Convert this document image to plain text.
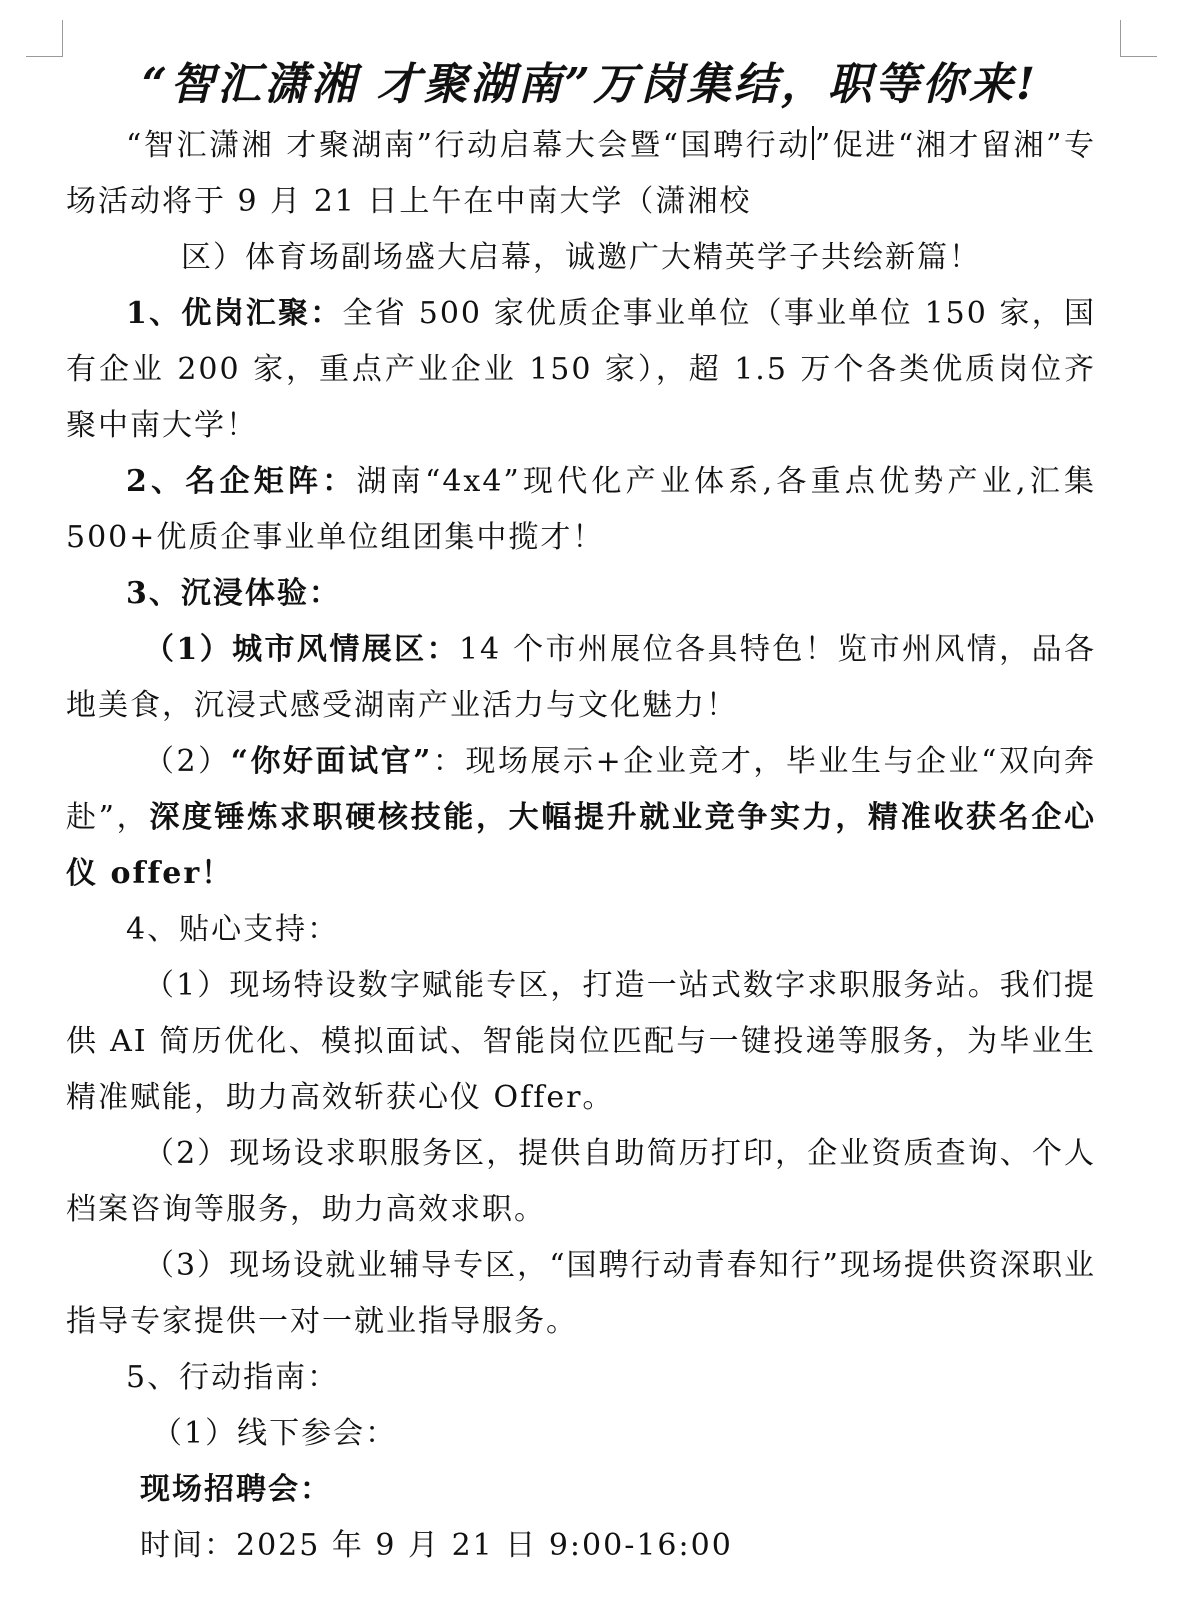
“智汇潇湘 才聚湖南”万岗集结，职等你来!

“智汇潇湘 才聚湖南”行动启幕大会暨“国聘行动 ”促进“湘才留湘”专场活动将于 9 月 21 日上午在中南大学（潇湘校

区）体育场副场盛大启幕，诚邀广大精英学子共绘新篇！

1、优岗汇聚：全省 500 家优质企事业单位（事业单位 150 家，国有企业 200 家，重点产业企业 150 家），超 1.5 万个各类优质岗位齐聚中南大学！

2、名企矩阵：湖南“4x4”现代化产业体系,各重点优势产业,汇集 500+优质企事业单位组团集中揽才！

3、沉浸体验：

（1）城市风情展区：14 个市州展位各具特色！览市州风情，品各地美食，沉浸式感受湖南产业活力与文化魅力！

（2）“你好面试官”：现场展示+企业竞才，毕业生与企业“双向奔赴”，深度锤炼求职硬核技能，大幅提升就业竞争实力，精准收获名企心仪 offer！

4、贴心支持：

（1）现场特设数字赋能专区，打造一站式数字求职服务站。我们提供 AI 简历优化、模拟面试、智能岗位匹配与一键投递等服务，为毕业生精准赋能，助力高效斩获心仪 Offer。

（2）现场设求职服务区，提供自助简历打印，企业资质查询、个人档案咨询等服务，助力高效求职。

（3）现场设就业辅导专区，“国聘行动青春知行”现场提供资深职业指导专家提供一对一就业指导服务。

5、行动指南：

（1）线下参会：
现场招聘会：
时间：2025 年 9 月 21 日 9:00-16:00
